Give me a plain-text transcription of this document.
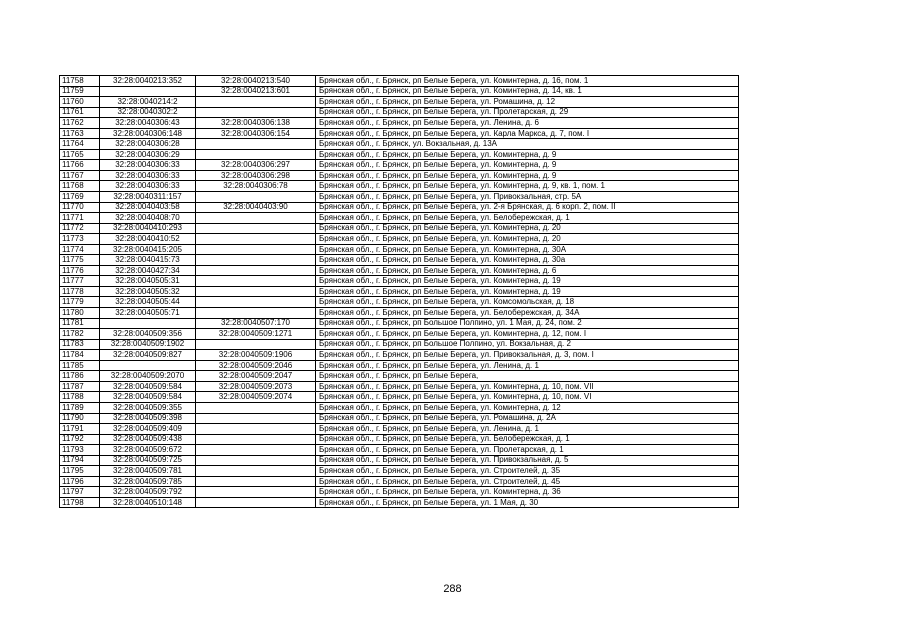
11758	32:28:0040213:352	32:28:0040213:540	Брянская обл., г. Брянск, рп Белые Берега, ул. Коминтерна, д. 16, пом. 1
11759		32:28:0040213:601	Брянская обл., г. Брянск, рп Белые Берега, ул. Коминтерна, д. 14, кв. 1
11760	32:28:0040214:2		Брянская обл., г. Брянск, рп Белые Берега, ул. Ромашина, д. 12
11761	32:28:0040302:2		Брянская обл., г. Брянск, рп Белые Берега, ул. Пролетарская, д. 29
11762	32:28:0040306:43	32:28:0040306:138	Брянская обл., г. Брянск, рп Белые Берега, ул. Ленина, д. 6
11763	32:28:0040306:148	32:28:0040306:154	Брянская обл., г. Брянск, рп Белые Берега, ул. Карла Маркса, д. 7, пом. I
11764	32:28:0040306:28		Брянская обл., г. Брянск, ул. Вокзальная, д. 13А
11765	32:28:0040306:29		Брянская обл., г. Брянск, рп Белые Берега, ул. Коминтерна, д. 9
11766	32:28:0040306:33	32:28:0040306:297	Брянская обл., г. Брянск, рп Белые Берега, ул. Коминтерна, д. 9
11767	32:28:0040306:33	32:28:0040306:298	Брянская обл., г. Брянск, рп Белые Берега, ул. Коминтерна, д. 9
11768	32:28:0040306:33	32:28:0040306:78	Брянская обл., г. Брянск, рп Белые Берега, ул. Коминтерна, д. 9, кв. 1, пом. 1
11769	32:28:0040311:157		Брянская обл., г. Брянск, рп Белые Берега, ул. Привокзальная, стр. 5А
11770	32:28:0040403:58	32:28:0040403:90	Брянская обл., г. Брянск, рп Белые Берега, ул. 2-я Брянская, д. 6 корп. 2, пом. II
11771	32:28:0040408:70		Брянская обл., г. Брянск, рп Белые Берега, ул. Белобережская, д. 1
11772	32:28:0040410:293		Брянская обл., г. Брянск, рп Белые Берега, ул. Коминтерна, д. 20
11773	32:28:0040410:52		Брянская обл., г. Брянск, рп Белые Берега, ул. Коминтерна, д. 20
11774	32:28:0040415:205		Брянская обл., г. Брянск, рп Белые Берега, ул. Коминтерна, д. 30А
11775	32:28:0040415:73		Брянская обл., г. Брянск, рп Белые Берега, ул. Коминтерна, д. 30а
11776	32:28:0040427:34		Брянская обл., г. Брянск, рп Белые Берега, ул. Коминтерна, д. 6
11777	32:28:0040505:31		Брянская обл., г. Брянск, рп Белые Берега, ул. Коминтерна, д. 19
11778	32:28:0040505:32		Брянская обл., г. Брянск, рп Белые Берега, ул. Коминтерна, д. 19
11779	32:28:0040505:44		Брянская обл., г. Брянск, рп Белые Берега, ул. Комсомольская, д. 18
11780	32:28:0040505:71		Брянская обл., г. Брянск, рп Белые Берега, ул. Белобережская, д. 34А
11781		32:28:0040507:170	Брянская обл., г. Брянск, рп Большое Полпино, ул. 1 Мая, д. 24, пом. 2
11782	32:28:0040509:356	32:28:0040509:1271	Брянская обл., г. Брянск, рп Белые Берега, ул. Коминтерна, д. 12, пом. I
11783	32:28:0040509:1902		Брянская обл., г. Брянск, рп Большое Полпино, ул. Вокзальная, д. 2
11784	32:28:0040509:827	32:28:0040509:1906	Брянская обл., г. Брянск, рп Белые Берега, ул. Привокзальная, д. 3, пом. I
11785		32:28:0040509:2046	Брянская обл., г. Брянск, рп Белые Берега, ул. Ленина, д. 1
11786	32:28:0040509:2070	32:28:0040509:2047	Брянская обл., г. Брянск, рп Белые Берега,
11787	32:28:0040509:584	32:28:0040509:2073	Брянская обл., г. Брянск, рп Белые Берега, ул. Коминтерна, д. 10, пом. VII
11788	32:28:0040509:584	32:28:0040509:2074	Брянская обл., г. Брянск, рп Белые Берега, ул. Коминтерна, д. 10, пом. VI
11789	32:28:0040509:355		Брянская обл., г. Брянск, рп Белые Берега, ул. Коминтерна, д. 12
11790	32:28:0040509:398		Брянская обл., г. Брянск, рп Белые Берега, ул. Ромашина, д. 2А
11791	32:28:0040509:409		Брянская обл., г. Брянск, рп Белые Берега, ул. Ленина, д. 1
11792	32:28:0040509:438		Брянская обл., г. Брянск, рп Белые Берега, ул. Белобережская, д. 1
11793	32:28:0040509:672		Брянская обл., г. Брянск, рп Белые Берега, ул. Пролетарская, д. 1
11794	32:28:0040509:725		Брянская обл., г. Брянск, рп Белые Берега, ул. Привокзальная, д. 5
11795	32:28:0040509:781		Брянская обл., г. Брянск, рп Белые Берега, ул. Строителей, д. 35
11796	32:28:0040509:785		Брянская обл., г. Брянск, рп Белые Берега, ул. Строителей, д. 45
11797	32:28:0040509:792		Брянская обл., г. Брянск, рп Белые Берега, ул. Коминтерна, д. 36
11798	32:28:0040510:148		Брянская обл., г. Брянск, рп Белые Берега, ул. 1 Мая, д. 30
288
